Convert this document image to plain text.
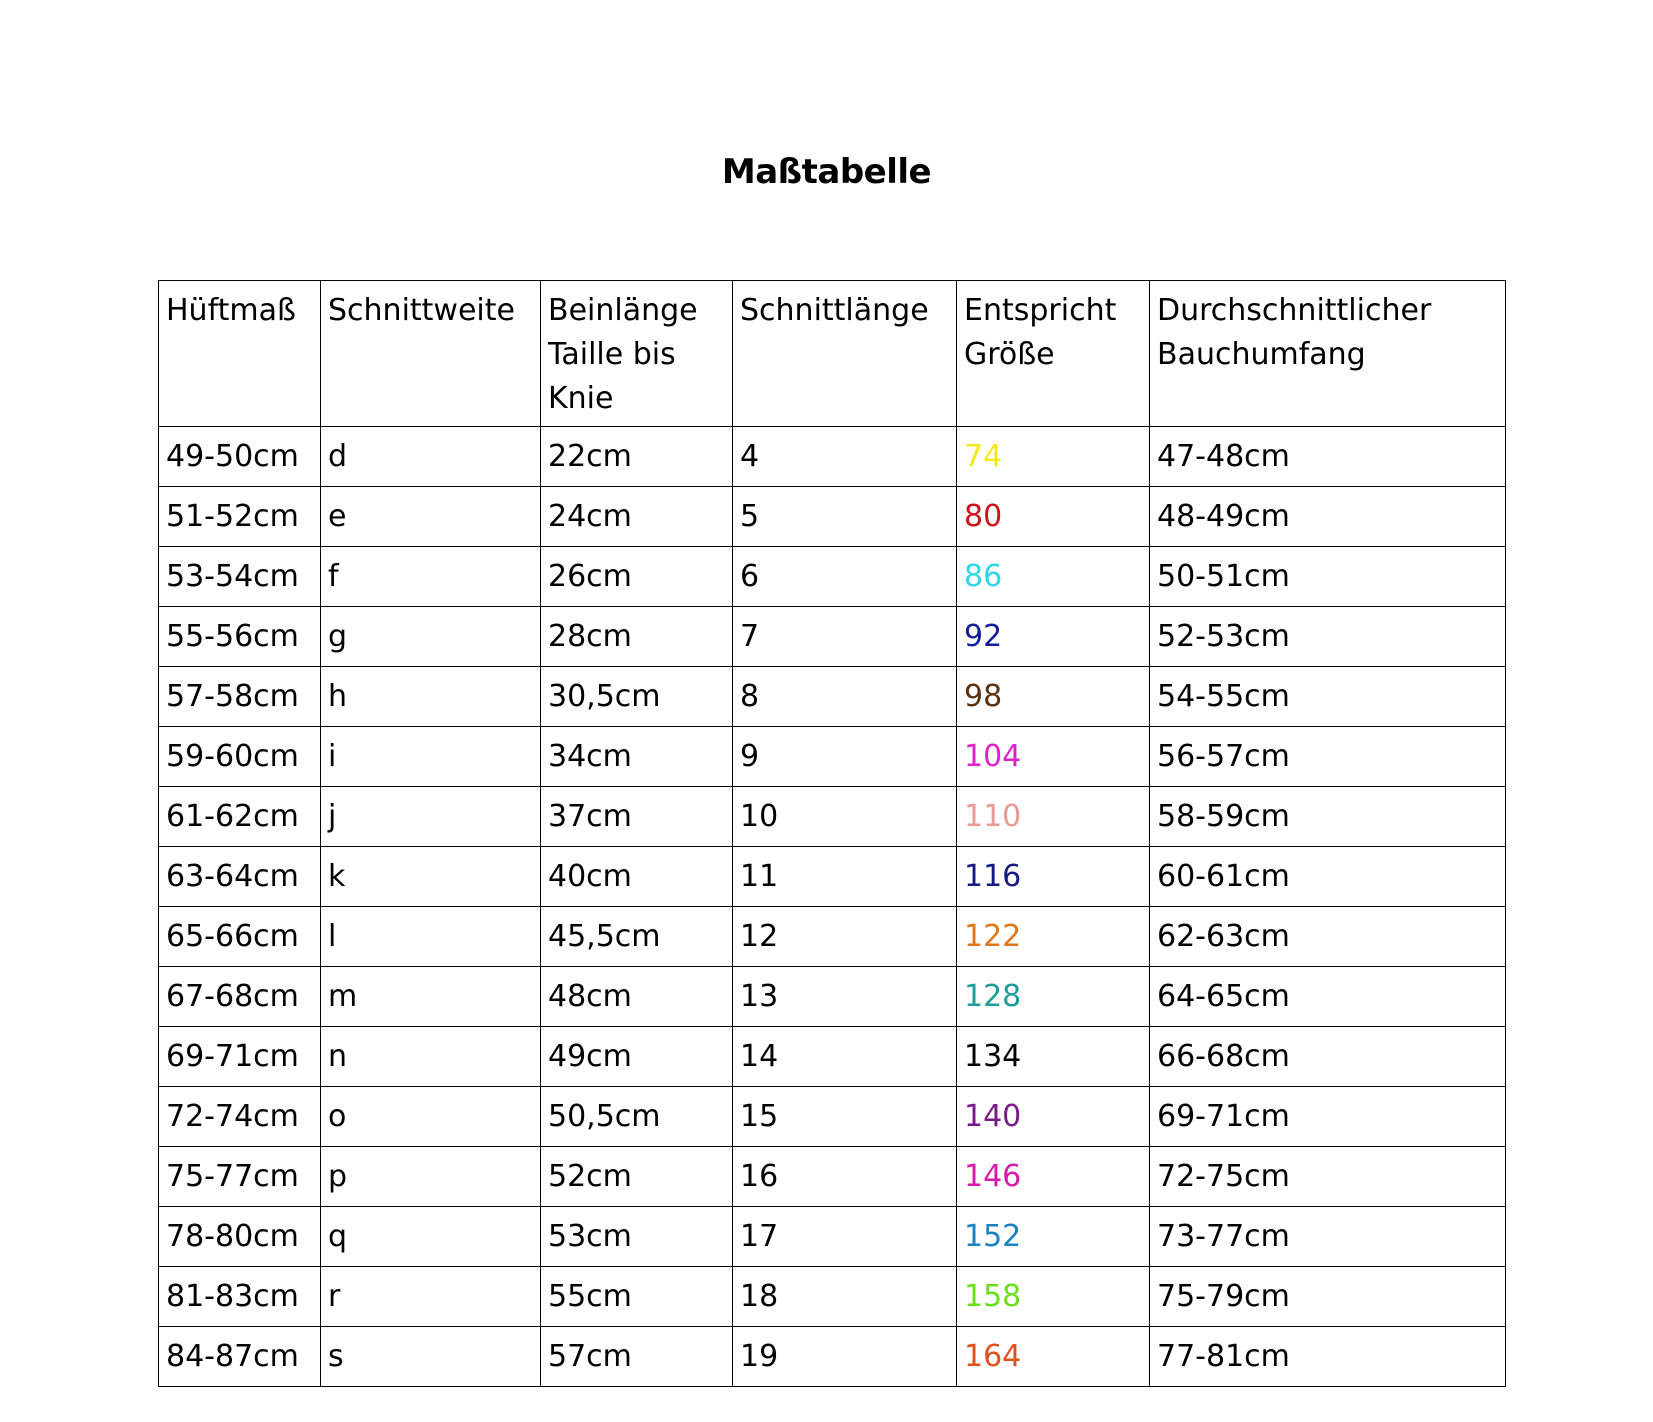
Maßtabelle
Hüftmaß	Schnittweite	Beinlänge Taille bis Knie	Schnittlänge	Entspricht Größe	Durchschnittlicher Bauchumfang
49-50cm	d	22cm	4	74	47-48cm
51-52cm	e	24cm	5	80	48-49cm
53-54cm	f	26cm	6	86	50-51cm
55-56cm	g	28cm	7	92	52-53cm
57-58cm	h	30,5cm	8	98	54-55cm
59-60cm	i	34cm	9	104	56-57cm
61-62cm	j	37cm	10	110	58-59cm
63-64cm	k	40cm	11	116	60-61cm
65-66cm	l	45,5cm	12	122	62-63cm
67-68cm	m	48cm	13	128	64-65cm
69-71cm	n	49cm	14	134	66-68cm
72-74cm	o	50,5cm	15	140	69-71cm
75-77cm	p	52cm	16	146	72-75cm
78-80cm	q	53cm	17	152	73-77cm
81-83cm	r	55cm	18	158	75-79cm
84-87cm	s	57cm	19	164	77-81cm
